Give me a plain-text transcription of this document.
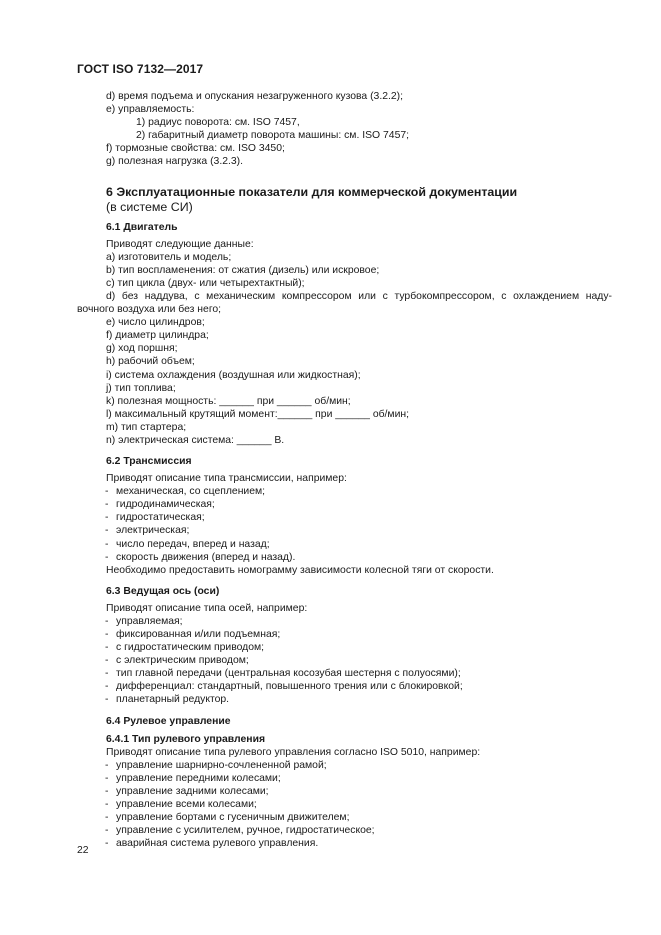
ГОСТ ISO 7132—2017
d) время подъема и опускания незагруженного кузова (3.2.2);
e) управляемость:
1) радиус поворота: см. ISO 7457,
2) габаритный диаметр поворота машины: см. ISO 7457;
f) тормозные свойства: см. ISO 3450;
g) полезная нагрузка (3.2.3).
6 Эксплуатационные показатели для коммерческой документации
(в системе СИ)
6.1 Двигатель
Приводят следующие данные:
a) изготовитель и модель;
b) тип воспламенения: от сжатия (дизель) или искровое;
c) тип цикла (двух- или четырехтактный);
d) без наддува, с механическим компрессором или с турбокомпрессором, с охлаждением наду-
вочного воздуха или без него;
e) число цилиндров;
f) диаметр цилиндра;
g) ход поршня;
h) рабочий объем;
i) система охлаждения (воздушная или жидкостная);
j) тип топлива;
k) полезная мощность: ______ при ______ об/мин;
l) максимальный крутящий момент:______ при ______ об/мин;
m) тип стартера;
n) электрическая система: ______ В.
6.2 Трансмиссия
Приводят описание типа трансмиссии, например:
- механическая, со сцеплением;
- гидродинамическая;
- гидростатическая;
- электрическая;
- число передач, вперед и назад;
- скорость движения (вперед и назад).
Необходимо предоставить номограмму зависимости колесной тяги от скорости.
6.3 Ведущая ось (оси)
Приводят описание типа осей, например:
- управляемая;
- фиксированная и/или подъемная;
- с гидростатическим приводом;
- с электрическим приводом;
- тип главной передачи (центральная косозубая шестерня с полуосями);
- дифференциал: стандартный, повышенного трения или с блокировкой;
- планетарный редуктор.
6.4 Рулевое управление
6.4.1 Тип рулевого управления
Приводят описание типа рулевого управления согласно ISO 5010, например:
- управление шарнирно-сочлененной рамой;
- управление передними колесами;
- управление задними колесами;
- управление всеми колесами;
- управление бортами с гусеничным движителем;
- управление с усилителем, ручное, гидростатическое;
- аварийная система рулевого управления.
22
